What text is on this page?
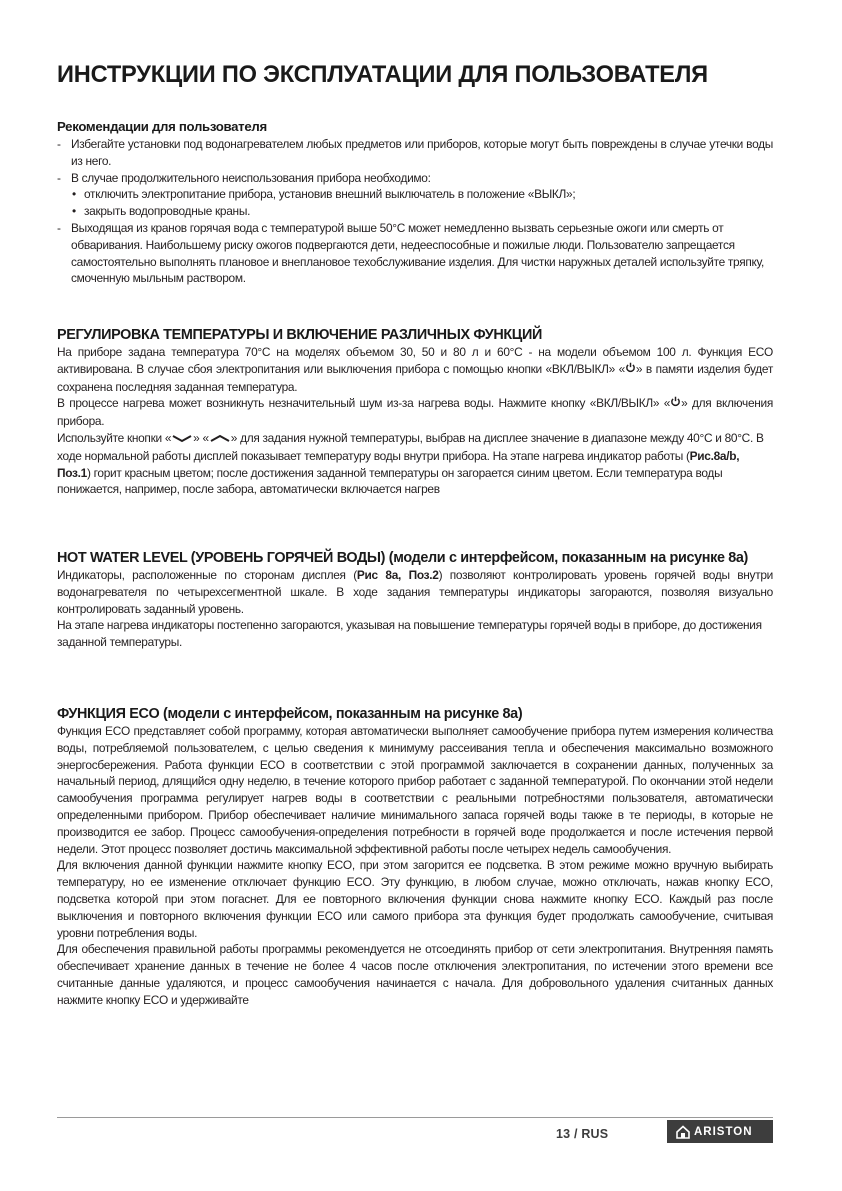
ИНСТРУКЦИИ ПО ЭКСПЛУАТАЦИИ ДЛЯ ПОЛЬЗОВАТЕЛЯ
Рекомендации для пользователя

- Избегайте установки под водонагревателем любых предметов или приборов, которые могут быть повреждены в случае утечки воды из него.

- В случае продолжительного неиспользования прибора необходимо:

• отключить электропитание прибора, установив внешний выключатель в положение «ВЫКЛ»;

• закрыть водопроводные краны.

- Выходящая из кранов горячая вода с температурой выше 50°C может немедленно вызвать серьезные ожоги или смерть от обваривания. Наибольшему риску ожогов подвергаются дети, недееспособные и пожилые люди. Пользователю запрещается самостоятельно выполнять плановое и внеплановое техобслуживание изделия. Для чистки наружных деталей используйте тряпку, смоченную мыльным раствором.

РЕГУЛИРОВКА ТЕМПЕРАТУРЫ И ВКЛЮЧЕНИЕ РАЗЛИЧНЫХ ФУНКЦИЙ

На приборе задана температура 70°C на моделях объемом 30, 50 и 80 л и 60°C - на модели объемом 100 л. Функция ECO активирована. В случае сбоя электропитания или выключения прибора с помощью кнопки «ВКЛ/ВЫКЛ» « » в памяти изделия будет сохранена последняя заданная температура.

В процессе нагрева может возникнуть незначительный шум из-за нагрева воды. Нажмите кнопку «ВКЛ/ВЫКЛ» « » для включения прибора.

Используйте кнопки « » « » для задания нужной температуры, выбрав на дисплее значение в диапазоне между 40°C и 80°C. В ходе нормальной работы дисплей показывает температуру воды внутри прибора. На этапе нагрева индикатор работы (Рис.8a/b, Поз.1) горит красным цветом; после достижения заданной температуры он загорается синим цветом. Если температура воды понижается, например, после забора, автоматически включается нагрев

HOT WATER LEVEL (УРОВЕНЬ ГОРЯЧЕЙ ВОДЫ) (модели с интерфейсом, показанным на рисунке 8a)

Индикаторы, расположенные по сторонам дисплея (Рис 8a, Поз.2) позволяют контролировать уровень горячей воды внутри водонагревателя по четырехсегментной шкале. В ходе задания температуры индикаторы загораются, позволяя визуально контролировать заданный уровень.

На этапе нагрева индикаторы постепенно загораются, указывая на повышение температуры горячей воды в приборе, до достижения заданной температуры.

ФУНКЦИЯ ECO (модели с интерфейсом, показанным на рисунке 8a)

Функция ECO представляет собой программу, которая автоматически выполняет самообучение прибора путем измерения количества воды, потребляемой пользователем, с целью сведения к минимуму рассеивания тепла и обеспечения максимально возможного энергосбережения. Работа функции ECO в соответствии с этой программой заключается в сохранении данных, полученных за начальный период, длящийся одну неделю, в течение которого прибор работает с заданной температурой. По окончании этой недели самообучения программа регулирует нагрев воды в соответствии с реальными потребностями пользователя, автоматически определенными прибором. Прибор обеспечивает наличие минимального запаса горячей воды также в те периоды, в которые не производится ее забор. Процесс самообучения-определения потребности в горячей воде продолжается и после истечения первой недели. Этот процесс позволяет достичь максимальной эффективной работы после четырех недель самообучения.

Для включения данной функции нажмите кнопку ECO, при этом загорится ее подсветка. В этом режиме можно вручную выбирать температуру, но ее изменение отключает функцию ECO. Эту функцию, в любом случае, можно отключать, нажав кнопку ECO, подсветка которой при этом погаснет. Для ее повторного включения функции снова нажмите кнопку ECO. Каждый раз после выключения и повторного включения функции ECO или самого прибора эта функция будет продолжать самообучение, считывая уровни потребления воды.

Для обеспечения правильной работы программы рекомендуется не отсоединять прибор от сети электропитания. Внутренняя память обеспечивает хранение данных в течение не более 4 часов после отключения электропитания, по истечении этого времени все считанные данные удаляются, и процесс самообучения начинается с начала. Для добровольного удаления считанных данных нажмите кнопку ECO и удерживайте

13 / RUS	ARISTON
